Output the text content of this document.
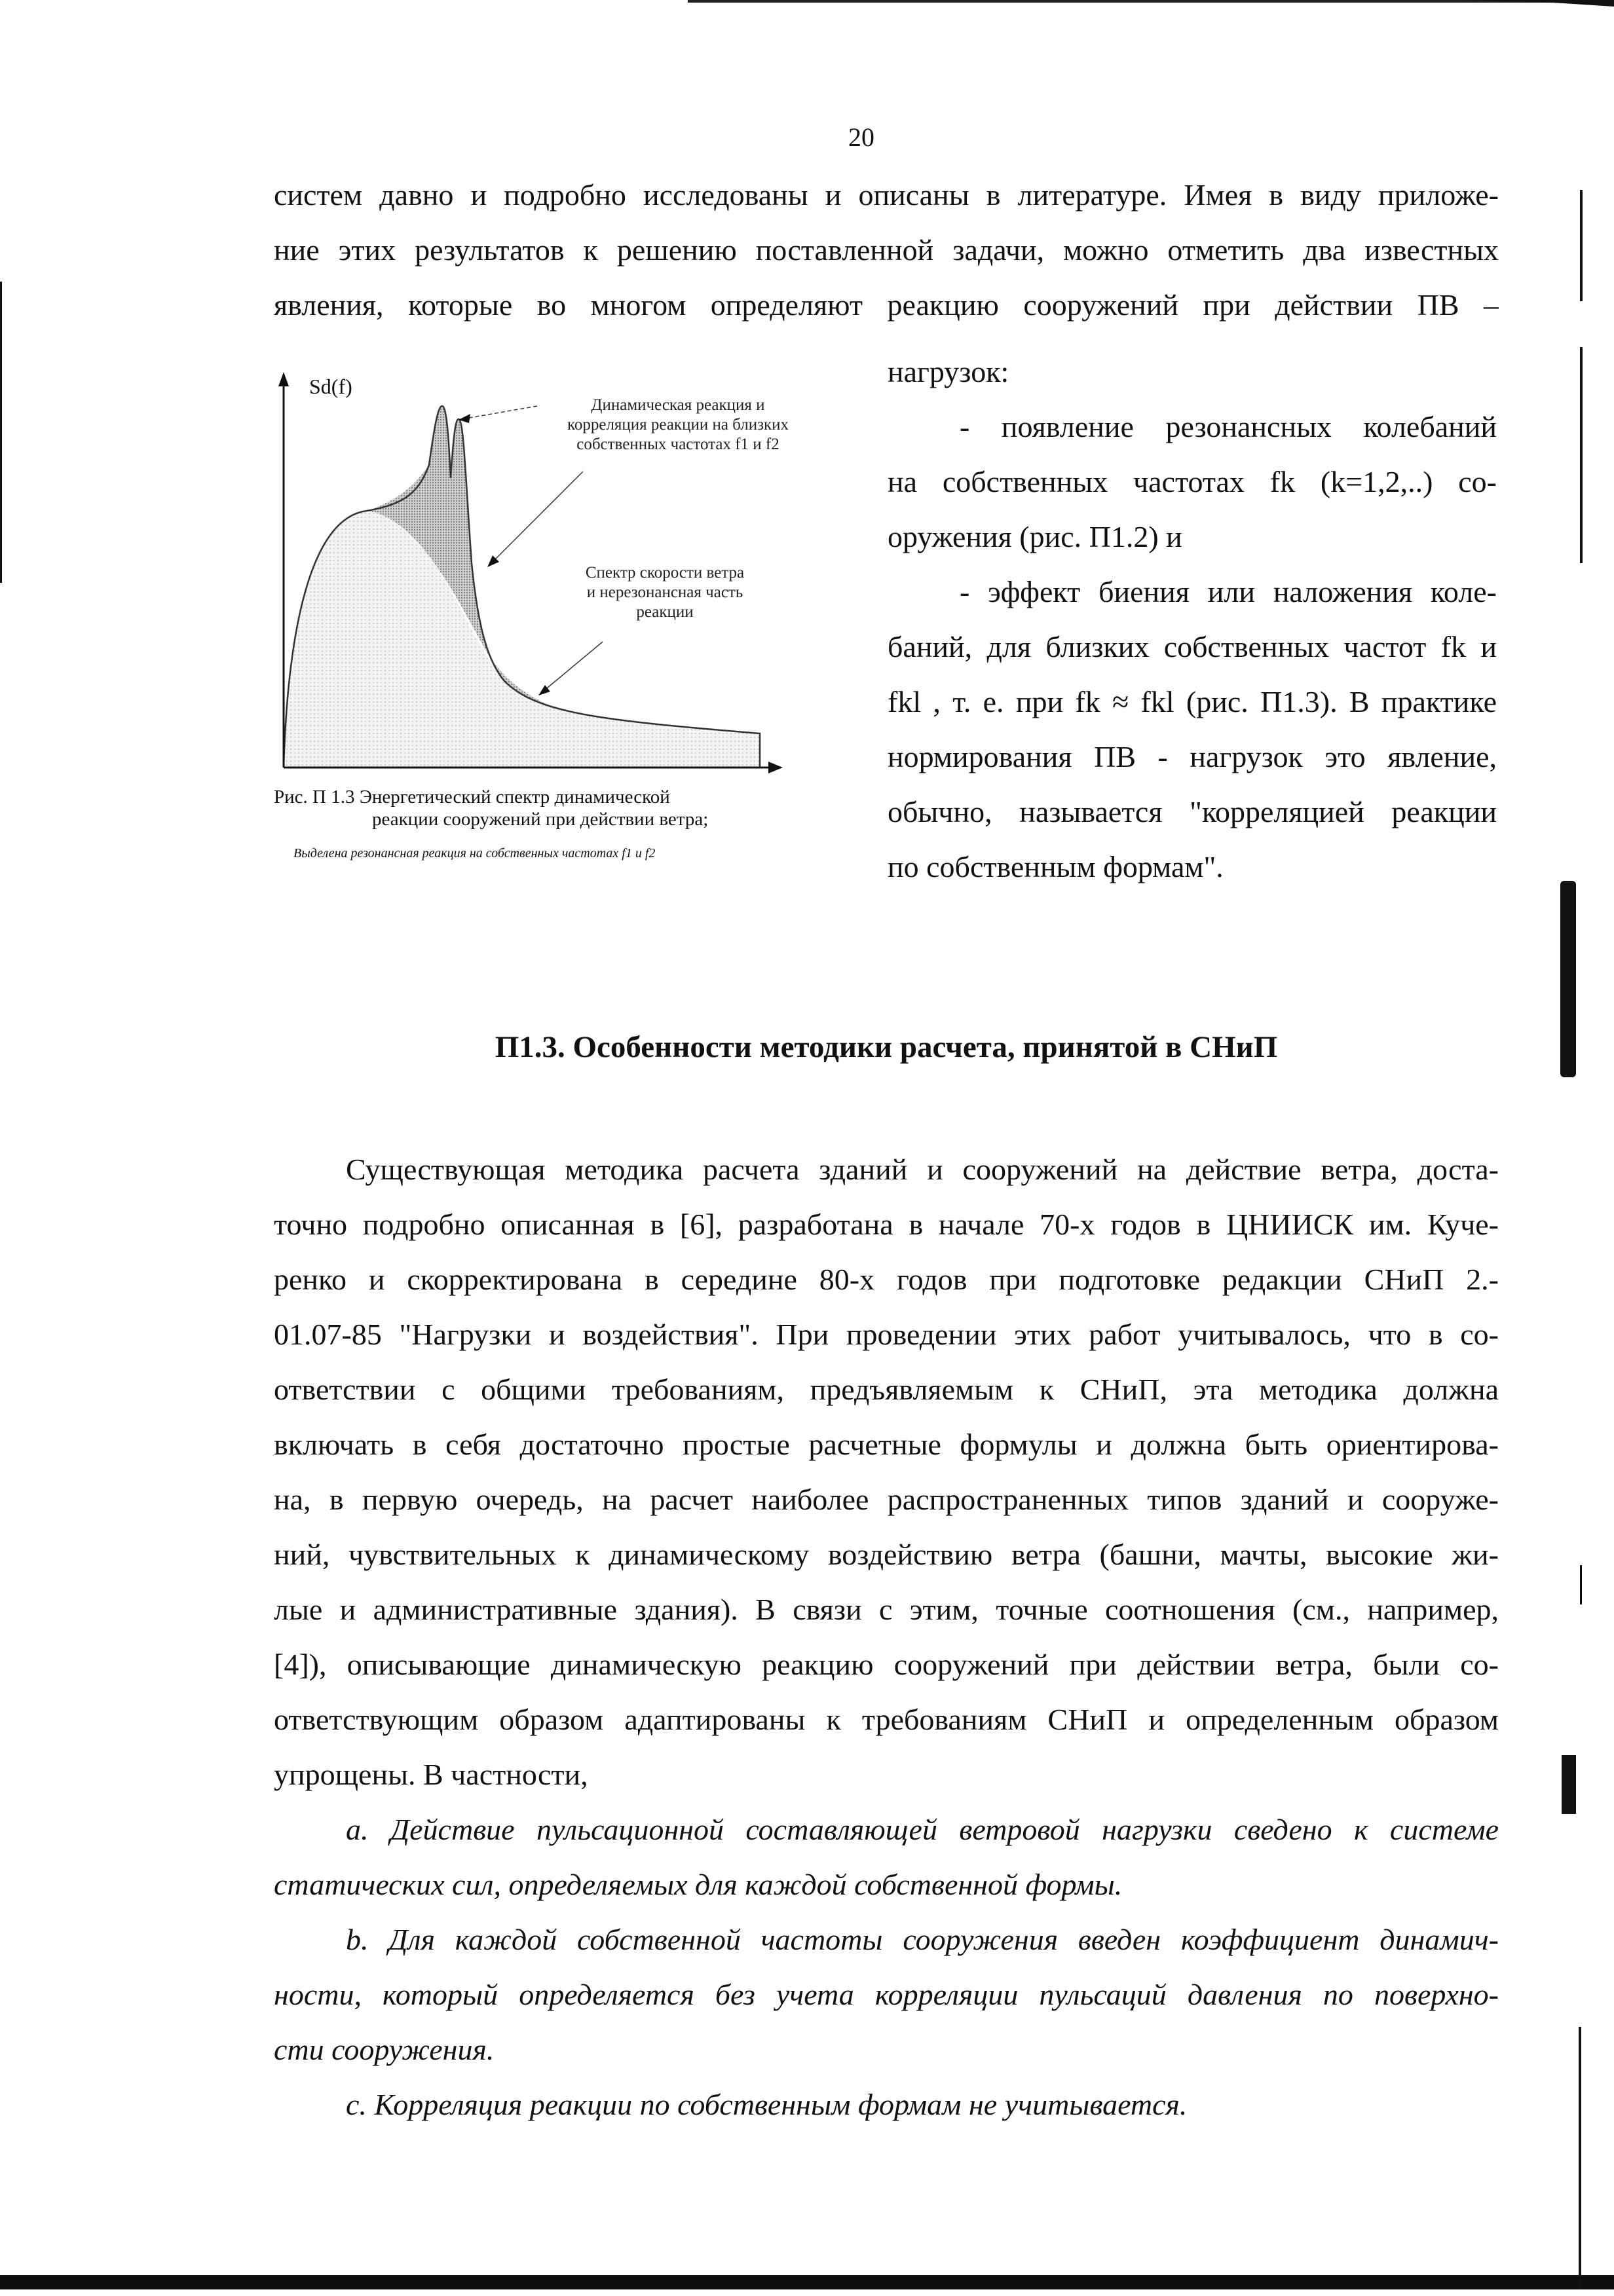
20
систем давно и подробно исследованы и описаны в литературе. Имея в виду приложе-
ние этих результатов к решению поставленной задачи, можно отметить два известных
явления, которые во многом определяют реакцию сооружений при действии ПВ –
нагрузок:
- появление резонансных колебаний
на собственных частотах fk (k=1,2,..) со-
оружения (рис. П1.2) и
- эффект биения или наложения коле-
баний, для близких собственных частот fk и
fkl , т. е. при fk ≈ fkl (рис. П1.3). В практике
нормирования ПВ - нагрузок это явление,
обычно, называется "корреляцией реакции
по собственным формам".
Sd(f)
Динамическая реакция и
корреляция реакции на близких
собственных частотах f1 и f2
Спектр скорости ветра
и нерезонансная часть
реакции
Рис. П 1.3 Энергетический спектр динамической
реакции сооружений при действии ветра;
Выделена резонансная реакция на собственных частотах f1 и f2
П1.3. Особенности методики расчета, принятой в СНиП
Существующая методика расчета зданий и сооружений на действие ветра, доста-
точно подробно описанная в [6], разработана в начале 70-х годов в ЦНИИСК им. Куче-
ренко и скорректирована в середине 80-х годов при подготовке редакции СНиП 2.-
01.07-85 "Нагрузки и воздействия". При проведении этих работ учитывалось, что в со-
ответствии с общими требованиям, предъявляемым к СНиП, эта методика должна
включать в себя достаточно простые расчетные формулы и должна быть ориентирова-
на, в первую очередь, на расчет наиболее распространенных типов зданий и сооруже-
ний, чувствительных к динамическому воздействию ветра (башни, мачты, высокие жи-
лые и административные здания). В связи с этим, точные соотношения (см., например,
[4]), описывающие динамическую реакцию сооружений при действии ветра, были со-
ответствующим образом адаптированы к требованиям СНиП и определенным образом
упрощены. В частности,
a. Действие пульсационной составляющей ветровой нагрузки сведено к системе
статических сил, определяемых для каждой собственной формы.
b. Для каждой собственной частоты сооружения введен коэффициент динамич-
ности, который определяется без учета корреляции пульсаций давления по поверхно-
сти сооружения.
c. Корреляция реакции по собственным формам не учитывается.
